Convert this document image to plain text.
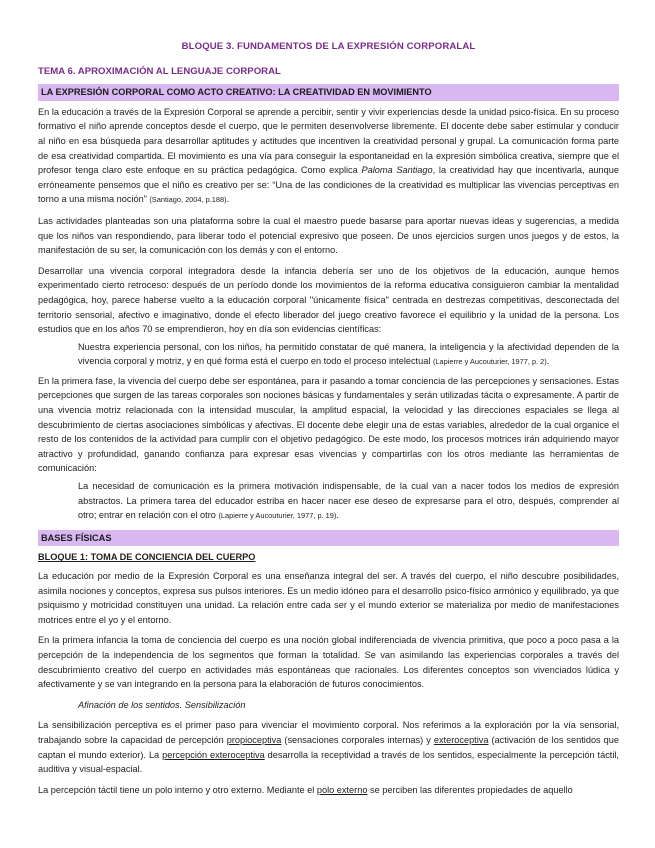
BLOQUE 3. FUNDAMENTOS DE LA EXPRESIÓN CORPORALAL
TEMA 6. APROXIMACIÓN AL LENGUAJE CORPORAL
LA EXPRESIÓN CORPORAL COMO ACTO CREATIVO: LA CREATIVIDAD EN MOVIMIENTO

En la educación a través de la Expresión Corporal se aprende a percibir, sentir y vivir experiencias desde la unidad psico-física. En su proceso formativo el niño aprende conceptos desde el cuerpo, que le permiten desenvolverse libremente. El docente debe saber estimular y conducir al niño en esa búsqueda para desarrollar aptitudes y actitudes que incentiven la creatividad personal y grupal. La comunicación forma parte de esa creatividad compartida. El movimiento es una vía para conseguir la espontaneidad en la expresión simbólica creativa, siempre que el profesor tenga claro este enfoque en su práctica pedagógica. Como explica Paloma Santiago, la creatividad hay que incentivarla, aunque erróneamente pensemos que el niño es creativo per se: “Una de las condiciones de la creatividad es multiplicar las vivencias perceptivas en torno a una misma noción” (Santiago, 2004, p.188).

Las actividades planteadas son una plataforma sobre la cual el maestro puede basarse para aportar nuevas ideas y sugerencias, a medida que los niños van respondiendo, para liberar todo el potencial expresivo que poseen. De unos ejercicios surgen unos juegos y de estos, la manifestación de su ser, la comunicación con los demás y con el entorno.

Desarrollar una vivencia corporal integradora desde la infancia debería ser uno de los objetivos de la educación, aunque hemos experimentado cierto retroceso: después de un período donde los movimientos de la reforma educativa consiguieron cambiar la mentalidad pedagógica, hoy, parece haberse vuelto a la educación corporal "únicamente física" centrada en destrezas competitivas, desconectada del territorio sensorial, afectivo e imaginativo, donde el efecto liberador del juego creativo favorece el equilibrio y la unidad de la persona. Los estudios que en los años 70 se emprendieron, hoy en día son evidencias científicas:

Nuestra experiencia personal, con los niños, ha permitido constatar de qué manera, la inteligencia y la afectividad dependen de la vivencia corporal y motriz, y en qué forma está el cuerpo en todo el proceso intelectual (Lapierre y Aucouturier, 1977, p. 2).

En la primera fase, la vivencia del cuerpo debe ser espontánea, para ir pasando a tomar conciencia de las percepciones y sensaciones. Estas percepciones que surgen de las tareas corporales son nociones básicas y fundamentales y serán utilizadas tácita o expresamente. A partir de una vivencia motriz relacionada con la intensidad muscular, la amplitud espacial, la velocidad y las direcciones espaciales se llega al descubrimiento de ciertas asociaciones simbólicas y afectivas. El docente debe elegir una de estas variables, alrededor de la cual organice el resto de los contenidos de la actividad para cumplir con el objetivo pedagógico. De este modo, los procesos motrices irán adquiriendo mayor atractivo y profundidad, ganando confianza para expresar esas vivencias y compartirlas con los otros mediante las herramientas de comunicación:

La necesidad de comunicación es la primera motivación indispensable, de la cual van a nacer todos los medios de expresión abstractos. La primera tarea del educador estriba en hacer nacer ese deseo de expresarse para el otro, después, comprender al otro; entrar en relación con el otro (Lapierre y Aucouturier, 1977, p. 19).
BASES FÍSICAS
BLOQUE 1: TOMA DE CONCIENCIA DEL CUERPO

La educación por medio de la Expresión Corporal es una enseñanza integral del ser. A través del cuerpo, el niño descubre posibilidades, asimila nociones y conceptos, expresa sus pulsos interiores. Es un medio idóneo para el desarrollo psico-físico armónico y equilibrado, ya que psiquismo y motricidad constituyen una unidad. La relación entre cada ser y el mundo exterior se materializa por medio de manifestaciones motrices entre el yo y el entorno.

En la primera infancia la toma de conciencia del cuerpo es una noción global indiferenciada de vivencia primitiva, que poco a poco pasa a la percepción de la independencia de los segmentos que forman la totalidad. Se van asimilando las experiencias corporales a través del descubrimiento creativo del cuerpo en actividades más espontáneas que racionales. Los diferentes conceptos son vivenciados lúdica y afectivamente y se van integrando en la persona para la elaboración de futuros conocimientos.

Afinación de los sentidos. Sensibilización

La sensibilización perceptiva es el primer paso para vivenciar el movimiento corporal. Nos referimos a la exploración por la vía sensorial, trabajando sobre la capacidad de percepción propioceptiva (sensaciones corporales internas) y exteroceptiva (activación de los sentidos que captan el mundo exterior). La percepción exteroceptiva desarrolla la receptividad a través de los sentidos, especialmente la percepción táctil, auditiva y visual-espacial.

La percepción táctil tiene un polo interno y otro externo. Mediante el polo externo se perciben las diferentes propiedades de aquello
